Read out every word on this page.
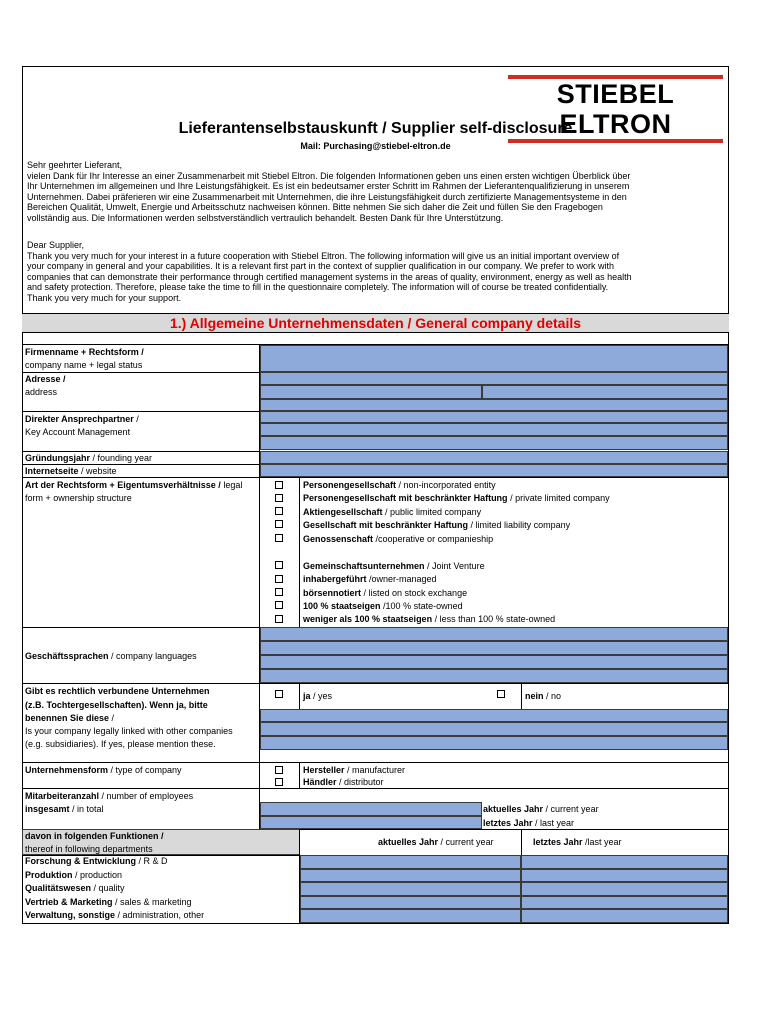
STIEBEL ELTRON
Lieferantenselbstauskunft / Supplier self-disclosure
Mail: Purchasing@stiebel-eltron.de
Sehr geehrter Lieferant,
vielen Dank für Ihr Interesse an einer Zusammenarbeit mit Stiebel Eltron. Die folgenden Informationen geben uns einen ersten wichtigen Überblick über
Ihr Unternehmen im allgemeinen und Ihre Leistungsfähigkeit. Es ist ein bedeutsamer erster Schritt im Rahmen der Lieferantenqualifizierung in unserem
Unternehmen. Dabei präferieren wir eine Zusammenarbeit mit Unternehmen, die ihre Leistungsfähigkeit durch zertifizierte Managementsysteme in den
Bereichen Qualität, Umwelt, Energie und Arbeitsschutz nachweisen können. Bitte nehmen Sie sich daher die Zeit und füllen Sie den Fragebogen
vollständig aus. Die Informationen werden selbstverständlich vertraulich behandelt. Besten Dank für Ihre Unterstützung.
Dear Supplier,
Thank you very much for your interest in a future cooperation with Stiebel Eltron. The following information will give us an initial important overview of
your company in general and your capabilities. It is a relevant first part in the context of supplier qualification in our company. We prefer to work with
companies that can demonstrate their performance through certified management systems in the areas of quality, environment, energy as well as health
and safety protection. Therefore, please take the time to fill in the questionnaire completely. The information will of course be treated confidentially.
Thank you very much for your support.
1.) Allgemeine Unternehmensdaten / General company details
Firmenname + Rechtsform /
company name + legal status
Adresse /
address
Direkter Ansprechpartner /
Key Account Management
Gründungsjahr / founding year
Internetseite / website
Art der Rechtsform + Eigentumsverhältnisse / legal
form + ownership structure
Personengesellschaft / non-incorporated entity
Personengesellschaft mit beschränkter Haftung / private limited company
Aktiengesellschaft / public limited company
Gesellschaft mit beschränkter Haftung / limited liability company
Genossenschaft /cooperative or companieship
Gemeinschaftsunternehmen / Joint Venture
inhabergeführt /owner-managed
börsennotiert / listed on stock exchange
100 % staatseigen /100 % state-owned
weniger als 100 % staatseigen / less than 100 % state-owned
Geschäftssprachen / company languages
Gibt es rechtlich verbundene Unternehmen
(z.B. Tochtergesellschaften). Wenn ja, bitte
benennen Sie diese /
Is your company legally linked with other companies
(e.g. subsidiaries). If yes, please mention these.
ja / yes	nein / no
Unternehmensform / type of company	Hersteller / manufacturer
Händler / distributor
Mitarbeiteranzahl / number of employees
insgesamt / in total	aktuelles Jahr / current year
letztes Jahr / last year
davon in folgenden Funktionen /
thereof in following departments
aktuelles Jahr / current year	letztes Jahr /last year
Forschung & Entwicklung / R & D
Produktion / production
Qualitätswesen / quality
Vertrieb & Marketing / sales & marketing
Verwaltung, sonstige / administration, other
